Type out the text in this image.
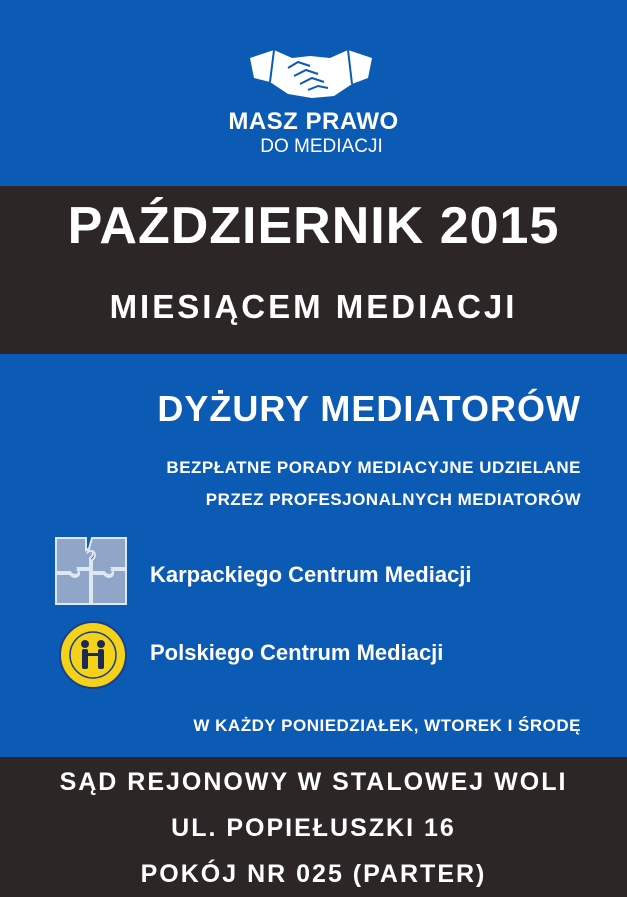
MASZ PRAWO
DO MEDIACJI
PAŹDZIERNIK 2015
MIESIĄCEM MEDIACJI
DYŻURY MEDIATORÓW
BEZPŁATNE PORADY MEDIACYJNE UDZIELANE
PRZEZ PROFESJONALNYCH MEDIATORÓW
Karpackiego Centrum Mediacji
Polskiego Centrum Mediacji
W KAŻDY PONIEDZIAŁEK, WTOREK I ŚRODĘ
SĄD REJONOWY W STALOWEJ WOLI
UL. POPIEŁUSZKI 16
POKÓJ NR 025 (PARTER)
